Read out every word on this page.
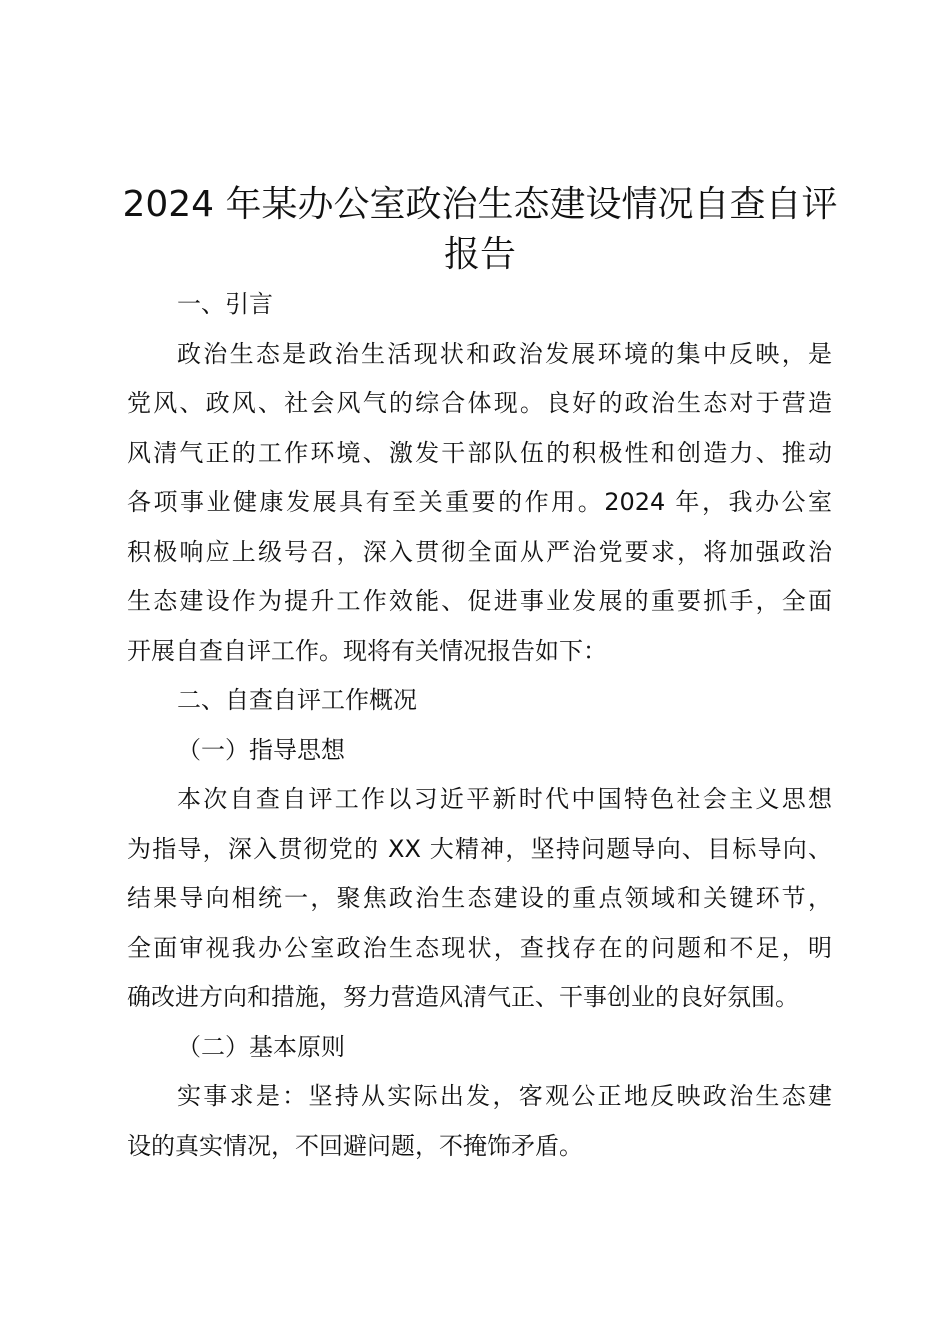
2024 年某办公室政治生态建设情况自查自评
报告
一、引言
政治生态是政治生活现状和政治发展环境的集中反映，是
党风、政风、社会风气的综合体现。良好的政治生态对于营造
风清气正的工作环境、激发干部队伍的积极性和创造力、推动
各项事业健康发展具有至关重要的作用。2024 年，我办公室
积极响应上级号召，深入贯彻全面从严治党要求，将加强政治
生态建设作为提升工作效能、促进事业发展的重要抓手，全面
开展自查自评工作。现将有关情况报告如下：
二、自查自评工作概况
（一）指导思想
本次自查自评工作以习近平新时代中国特色社会主义思想
为指导，深入贯彻党的 XX 大精神，坚持问题导向、目标导向、
结果导向相统一，聚焦政治生态建设的重点领域和关键环节，
全面审视我办公室政治生态现状，查找存在的问题和不足，明
确改进方向和措施，努力营造风清气正、干事创业的良好氛围。
（二）基本原则
实事求是：坚持从实际出发，客观公正地反映政治生态建
设的真实情况，不回避问题，不掩饰矛盾。
